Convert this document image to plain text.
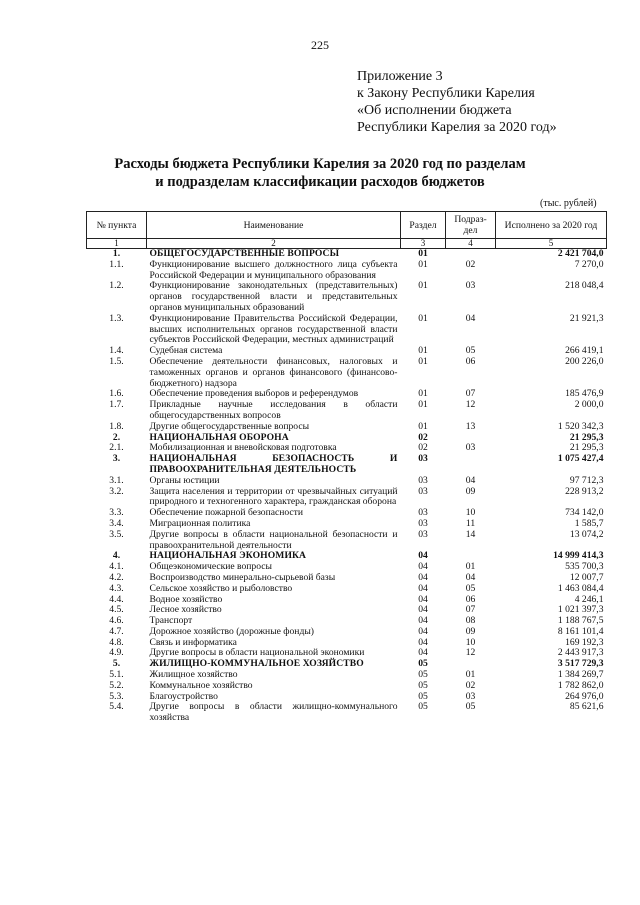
225
Приложение 3
к Закону Республики Карелия
«Об исполнении бюджета
Республики Карелия за 2020 год»
Расходы бюджета Республики Карелия за 2020 год по разделам
и подразделам классификации расходов бюджетов
(тыс. рублей)
№ пункта	Наименование	Раздел	Подраз-дел	Исполнено за 2020 год
1	2	3	4	5
1.	ОБЩЕГОСУДАРСТВЕННЫЕ ВОПРОСЫ	01		2 421 704,0
1.1.	Функционирование высшего должностного лица субъекта Российской Федерации и муниципального образования	01	02	7 270,0
1.2.	Функционирование законодательных (представительных) органов государственной власти и представительных органов муниципальных образований	01	03	218 048,4
1.3.	Функционирование Правительства Российской Федерации, высших исполнительных органов государственной власти субъектов Российской Федерации, местных администраций	01	04	21 921,3
1.4.	Судебная система	01	05	266 419,1
1.5.	Обеспечение деятельности финансовых, налоговых и таможенных органов и органов финансового (финансово-бюджетного) надзора	01	06	200 226,0
1.6.	Обеспечение проведения выборов и референдумов	01	07	185 476,9
1.7.	Прикладные научные исследования в области общегосударственных вопросов	01	12	2 000,0
1.8.	Другие общегосударственные вопросы	01	13	1 520 342,3
2.	НАЦИОНАЛЬНАЯ ОБОРОНА	02		21 295,3
2.1.	Мобилизационная и вневойсковая подготовка	02	03	21 295,3
3.	НАЦИОНАЛЬНАЯ БЕЗОПАСНОСТЬ И ПРАВООХРАНИТЕЛЬНАЯ ДЕЯТЕЛЬНОСТЬ	03		1 075 427,4
3.1.	Органы юстиции	03	04	97 712,3
3.2.	Защита населения и территории от чрезвычайных ситуаций природного и техногенного характера, гражданская оборона	03	09	228 913,2
3.3.	Обеспечение пожарной безопасности	03	10	734 142,0
3.4.	Миграционная политика	03	11	1 585,7
3.5.	Другие вопросы в области национальной безопасности и правоохранительной деятельности	03	14	13 074,2
4.	НАЦИОНАЛЬНАЯ ЭКОНОМИКА	04		14 999 414,3
4.1.	Общеэкономические вопросы	04	01	535 700,3
4.2.	Воспроизводство минерально-сырьевой базы	04	04	12 007,7
4.3.	Сельское хозяйство и рыболовство	04	05	1 463 084,4
4.4.	Водное хозяйство	04	06	4 246,1
4.5.	Лесное хозяйство	04	07	1 021 397,3
4.6.	Транспорт	04	08	1 188 767,5
4.7.	Дорожное хозяйство (дорожные фонды)	04	09	8 161 101,4
4.8.	Связь и информатика	04	10	169 192,3
4.9.	Другие вопросы в области национальной экономики	04	12	2 443 917,3
5.	ЖИЛИЩНО-КОММУНАЛЬНОЕ ХОЗЯЙСТВО	05		3 517 729,3
5.1.	Жилищное хозяйство	05	01	1 384 269,7
5.2.	Коммунальное хозяйство	05	02	1 782 862,0
5.3.	Благоустройство	05	03	264 976,0
5.4.	Другие вопросы в области жилищно-коммунального хозяйства	05	05	85 621,6
